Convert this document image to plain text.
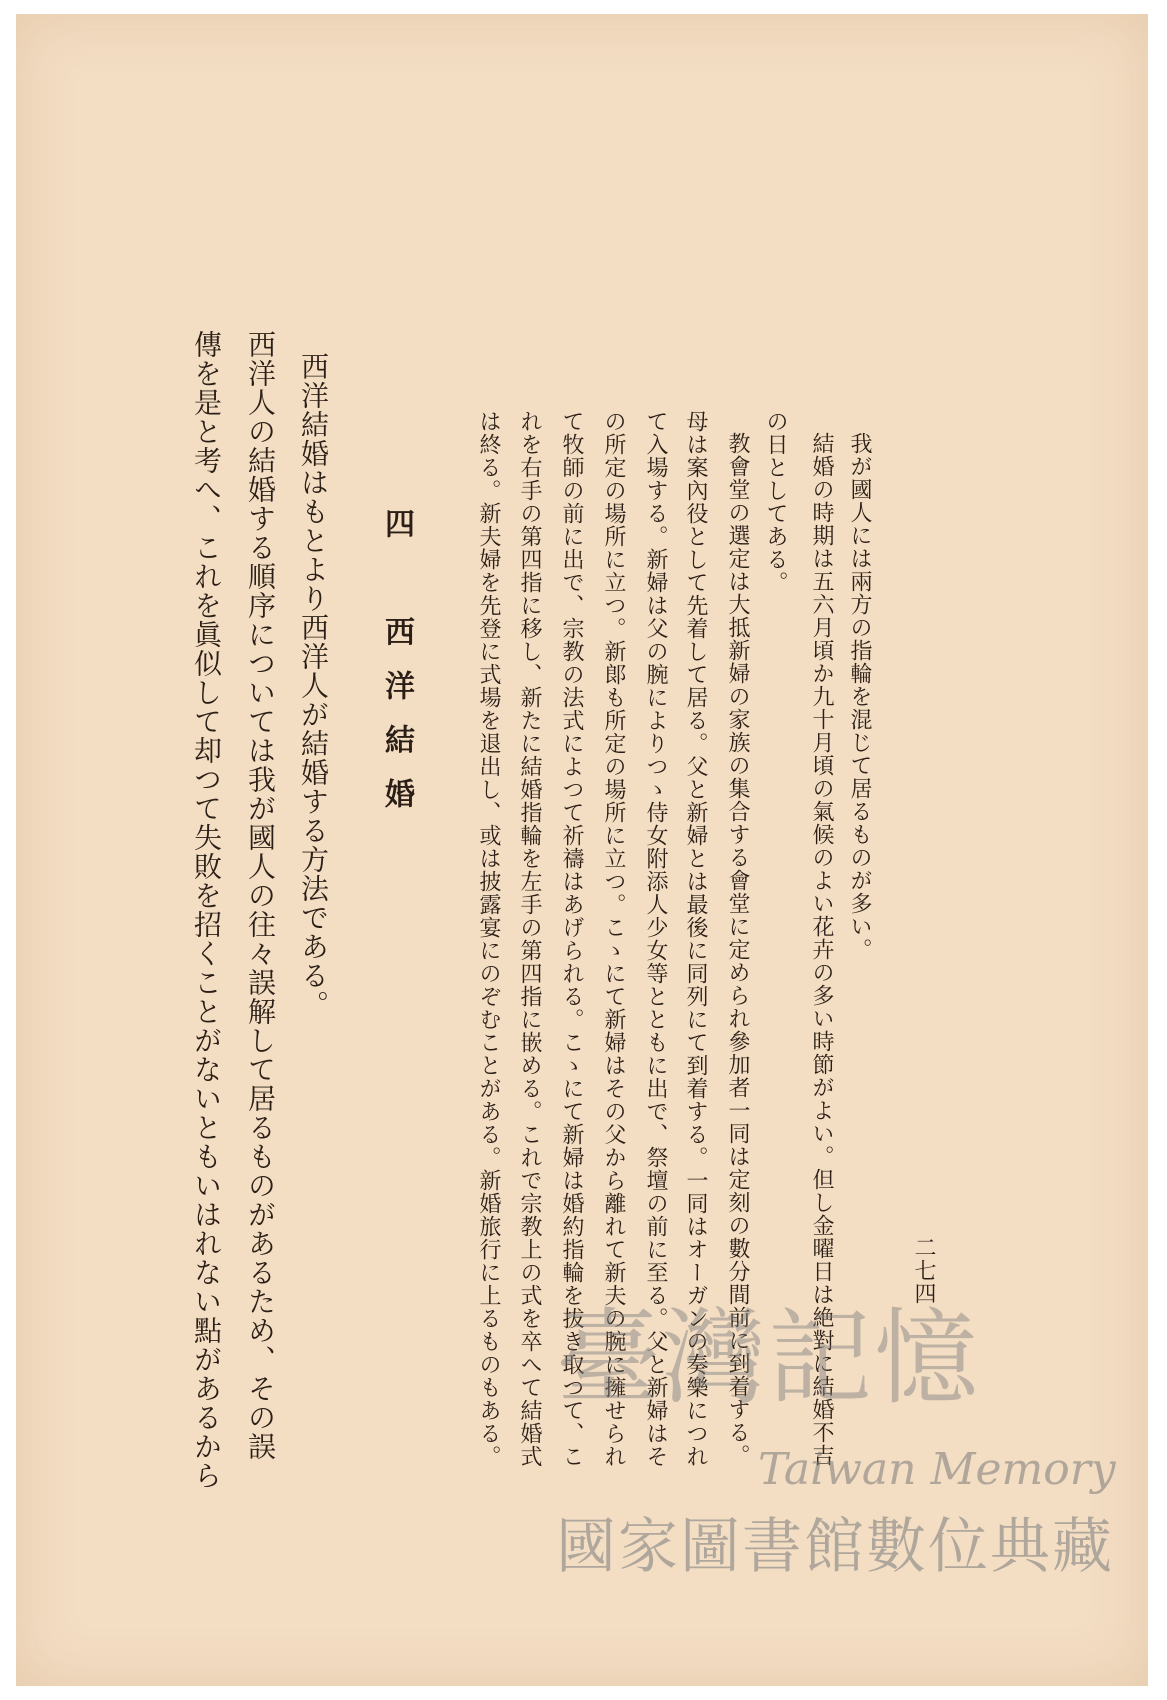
二七四
我が國人には兩方の指輪を混じて居るものが多い。
結婚の時期は五六月頃か九十月頃の氣候のよい花卉の多い時節がよい。但し金曜日は絶對に結婚不吉
の日としてある。
教會堂の選定は大抵新婦の家族の集合する會堂に定められ參加者一同は定刻の數分間前に到着する。
母は案內役として先着して居る。父と新婦とは最後に同列にて到着する。一同はオーガンの奏樂につれ
て入場する。新婦は父の腕によりつゝ侍女附添人少女等とともに出で、祭壇の前に至る。父と新婦はそ
の所定の場所に立つ。新郞も所定の場所に立つ。こゝにて新婦はその父から離れて新夫の腕に擁せられ
て牧師の前に出で、宗教の法式によつて祈禱はあげられる。こゝにて新婦は婚約指輪を拔き取つて、こ
れを右手の第四指に移し、新たに結婚指輪を左手の第四指に嵌める。これで宗教上の式を卒へて結婚式
は終る。新夫婦を先登に式場を退出し、或は披露宴にのぞむことがある。新婚旅行に上るものもある。
四　西洋結婚
西洋結婚はもとより西洋人が結婚する方法である。
西洋人の結婚する順序については我が國人の往々誤解して居るものがあるため、その誤
傳を是と考へ、これを眞似して却つて失敗を招くことがないともいはれない點があるから	臺灣記憶
Taiwan Memory
國家圖書館數位典藏
